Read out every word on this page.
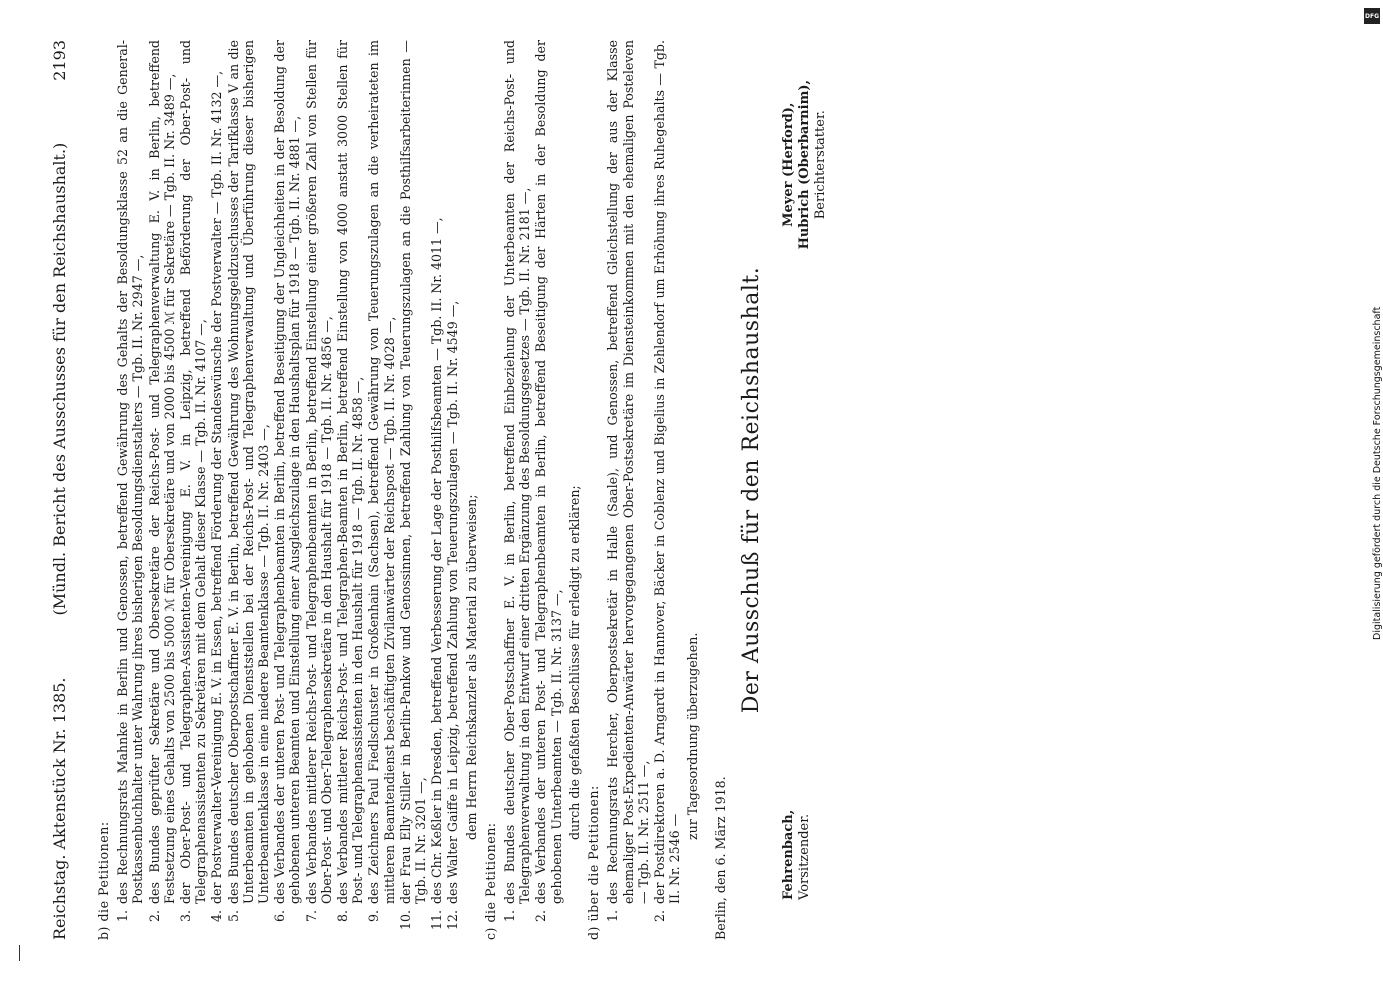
Reichstag. Aktenstück Nr. 1385.
(Mündl. Bericht des Ausschusses für den Reichshaushalt.)
2193
b) die Petitionen: 1.
des Rechnungsrats Mahnke in Berlin und Genossen, betreffend Gewährung des Gehalts der Besoldungsklasse 52 an die General-Postkassenbuchhalter unter Wahrung ihres bisherigen Besoldungsdienstalters — Tgb. II. Nr. 2947 —,
2.
des Bundes geprüfter Sekretäre und Obersekretäre der Reichs-Post- und Telegraphenverwaltung E. V. in Berlin, betreffend Festsetzung eines Gehalts von 2500 bis 5000 ℳ für Obersekretäre und von 2000 bis 4500 ℳ für Sekretäre — Tgb. II. Nr. 3489 —,
3.
der Ober-Post- und Telegraphen-Assistenten-Vereinigung E. V. in Leipzig, betreffend Beförderung der Ober-Post- und Telegraphenassistenten zu Sekretären mit dem Gehalt dieser Klasse — Tgb. II. Nr. 4107 —,
4.
der Postverwalter-Vereinigung E. V. in Essen, betreffend Förderung der Standeswünsche der Postverwalter — Tgb. II. Nr. 4132 —,
5.
des Bundes deutscher Oberpostschaffner E. V. in Berlin, betreffend Gewährung des Wohnungsgeldzuschusses der Tarifklasse V an die Unterbeamten in gehobenen Dienststellen bei der Reichs-Post- und Telegraphenverwaltung und Überführung dieser bisherigen Unterbeamtenklasse in eine niedere Beamtenklasse — Tgb. II. Nr. 2403 —,
6.
des Verbandes der unteren Post- und Telegraphenbeamten in Berlin, betreffend Beseitigung der Ungleichheiten in der Besoldung der gehobenen unteren Beamten und Einstellung einer Ausgleichszulage in den Haushaltsplan für 1918 — Tgb. II. Nr. 4881 —,
7.
des Verbandes mittlerer Reichs-Post- und Telegraphenbeamten in Berlin, betreffend Einstellung einer größeren Zahl von Stellen für Ober-Post- und Ober-Telegraphensekretäre in den Haushalt für 1918 — Tgb. II. Nr. 4856 —,
8.
des Verbandes mittlerer Reichs-Post- und Telegraphen-Beamten in Berlin, betreffend Einstellung von 4000 anstatt 3000 Stellen für Post- und Telegraphenassistenten in den Haushalt für 1918 — Tgb. II. Nr. 4858 —,
9.
des Zeichners Paul Fiedlschuster in Großenhain (Sachsen), betreffend Gewährung von Teuerungszulagen an die verheirateten im mittleren Beamtendienst beschäftigten Zivilanwärter der Reichspost — Tgb. II. Nr. 4028 —,
10.
der Frau Elly Stiller in Berlin-Pankow und Genossinnen, betreffend Zahlung von Teuerungszulagen an die Posthilfsarbeiterinnen — Tgb. II. Nr. 3201 —,
11.
des Chr. Keßler in Dresden, betreffend Verbesserung der Lage der Posthilfsbeamten — Tgb. II. Nr. 4011 —,
12.
des Walter Gaiffe in Leipzig, betreffend Zahlung von Teuerungszulagen — Tgb. II. Nr. 4549 —, dem Herrn Reichskanzler als Material zu überweisen;
c) die Petitionen: 1.
des Bundes deutscher Ober-Postschaffner E. V. in Berlin, betreffend Einbeziehung der Unterbeamten der Reichs-Post- und Telegraphenverwaltung in den Entwurf einer dritten Ergänzung des Besoldungsgesetzes — Tgb. II. Nr. 2181 —,
2.
des Verbandes der unteren Post- und Telegraphenbeamten in Berlin, betreffend Beseitigung der Härten in der Besoldung der gehobenen Unterbeamten — Tgb. II. Nr. 3137 —, durch die gefaßten Beschlüsse für erledigt zu erklären;
d) über die Petitionen: 1.
des Rechnungsrats Hercher, Oberpostsekretär in Halle (Saale), und Genossen, betreffend Gleichstellung der aus der Klasse ehemaliger Post-Expedienten-Anwärter hervorgegangenen Ober-Postsekretäre im Diensteinkommen mit den ehemaligen Posteleven — Tgb. II. Nr. 2511 —,
2.
der Postdirektoren a. D. Arngardt in Hannover, Bäcker in Coblenz und Bigelius in Zehlendorf um Erhöhung ihres Ruhegehalts — Tgb. II. Nr. 2546 —
zur Tagesordnung überzugehen.
Berlin, den 6. März 1918.
Der Ausschuß für den Reichshaushalt.
Fehrenbach, Vorsitzender.
Meyer (Herford), Hubrich (Oberbarnim), Berichterstatter.
DFG
Digitalisierung gefördert durch die Deutsche Forschungsgemeinschaft
